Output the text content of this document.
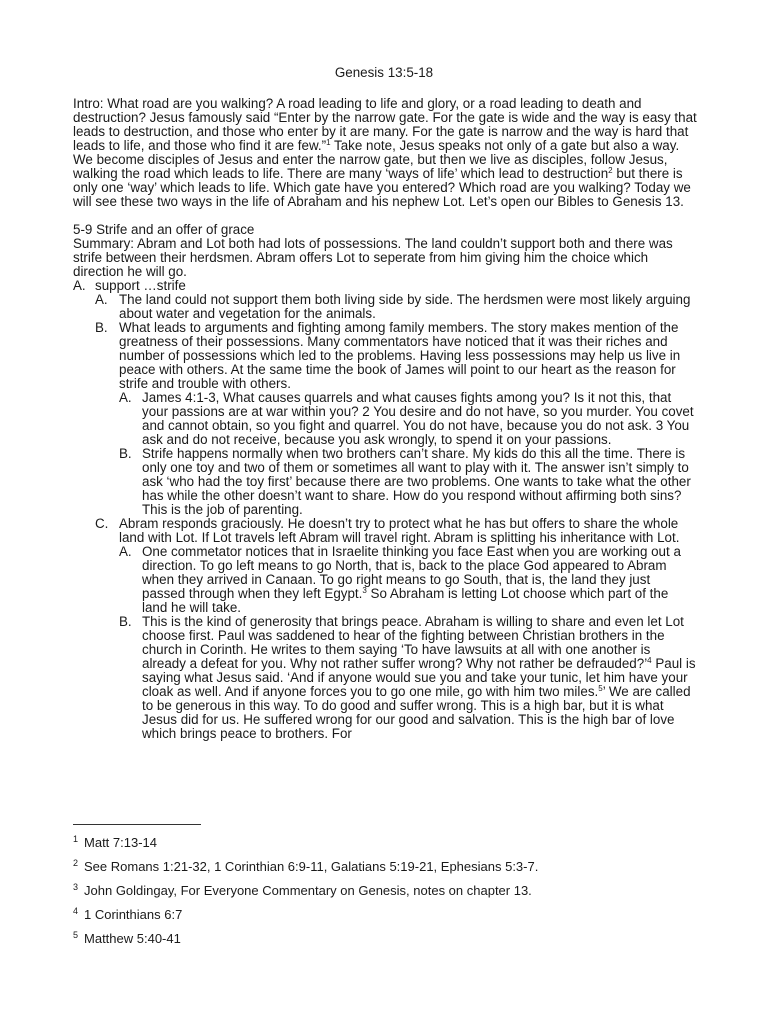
Genesis 13:5-18

Intro: What road are you walking? A road leading to life and glory, or a road leading to death and destruction? Jesus famously said “Enter by the narrow gate. For the gate is wide and the way is easy that leads to destruction, and those who enter by it are many. For the gate is narrow and the way is hard that leads to life, and those who find it are few.”$^1$ Take note, Jesus speaks not only of a gate but also a way. We become disciples of Jesus and enter the narrow gate, but then we live as disciples, follow Jesus, walking the road which leads to life. There are many ‘ways of life’ which lead to destruction$^2$ but there is only one ‘way’ which leads to life. Which gate have you entered? Which road are you walking? Today we will see these two ways in the life of Abraham and his nephew Lot. Let’s open our Bibles to Genesis 13.

5-9 Strife and an offer of grace

Summary: Abram and Lot both had lots of possessions. The land couldn’t support both and there was strife between their herdsmen. Abram offers Lot to seperate from him giving him the choice which direction he will go.

A. support …strife
A. The land could not support them both living side by side. The herdsmen were most likely arguing about water and vegetation for the animals.
B. What leads to arguments and fighting among family members. The story makes mention of the greatness of their possessions. Many commentators have noticed that it was their riches and number of possessions which led to the problems. Having less possessions may help us live in peace with others. At the same time the book of James will point to our heart as the reason for strife and trouble with others.
A. James 4:1-3, What causes quarrels and what causes fights among you? Is it not this, that your passions are at war within you? 2 You desire and do not have, so you murder. You covet and cannot obtain, so you fight and quarrel. You do not have, because you do not ask. 3 You ask and do not receive, because you ask wrongly, to spend it on your passions.
B. Strife happens normally when two brothers can’t share. My kids do this all the time. There is only one toy and two of them or sometimes all want to play with it. The answer isn’t simply to ask ‘who had the toy first’ because there are two problems. One wants to take what the other has while the other doesn’t want to share. How do you respond without affirming both sins? This is the job of parenting.
C. Abram responds graciously. He doesn’t try to protect what he has but offers to share the whole land with Lot. If Lot travels left Abram will travel right. Abram is splitting his inheritance with Lot.
A. One commetator notices that in Israelite thinking you face East when you are working out a direction. To go left means to go North, that is, back to the place God appeared to Abram when they arrived in Canaan. To go right means to go South, that is, the land they just passed through when they left Egypt.$^3$ So Abraham is letting Lot choose which part of the land he will take.
B. This is the kind of generosity that brings peace. Abraham is willing to share and even let Lot choose first. Paul was saddened to hear of the fighting between Christian brothers in the church in Corinth. He writes to them saying ‘To have lawsuits at all with one another is already a defeat for you. Why not rather suffer wrong? Why not rather be defrauded?’$^4$ Paul is saying what Jesus said. ‘And if anyone would sue you and take your tunic, let him have your cloak as well. And if anyone forces you to go one mile, go with him two miles.$^5$’ We are called to be generous in this way. To do good and suffer wrong. This is a high bar, but it is what Jesus did for us. He suffered wrong for our good and salvation. This is the high bar of love which brings peace to brothers. For
1 Matt 7:13-14
2 See Romans 1:21-32, 1 Corinthian 6:9-11, Galatians 5:19-21, Ephesians 5:3-7.
3 John Goldingay, For Everyone Commentary on Genesis, notes on chapter 13.
4 1 Corinthians 6:7
5 Matthew 5:40-41
